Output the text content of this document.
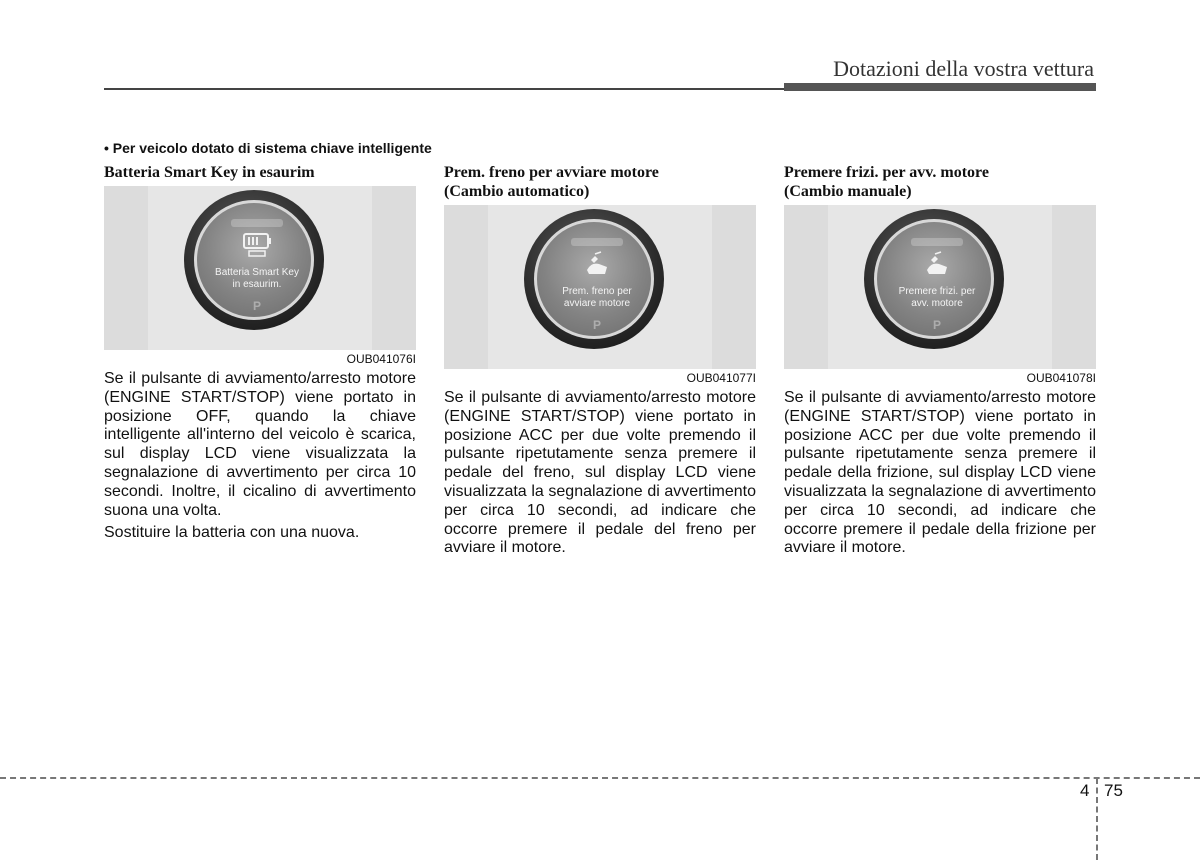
Dotazioni della vostra vettura
• Per veicolo dotato di sistema chiave intelligente
Batteria Smart Key in esaurim
Batteria Smart Key
in esaurim.
P
OUB041076I

Se il pulsante di avviamento/arresto motore (ENGINE START/STOP) viene portato in posizione OFF, quando la chiave intelligente all'interno del veicolo è scarica, sul display LCD viene visualizzata la segnalazione di avvertimento per circa 10 secondi. Inoltre, il cicalino di avvertimento suona una volta.

Sostituire la batteria con una nuova.

Prem. freno per avviare motore
(Cambio automatico)
Prem. freno per
avviare motore
P
OUB041077I

Se il pulsante di avviamento/arresto motore (ENGINE START/STOP) viene portato in posizione ACC per due volte premendo il pulsante ripetutamente senza premere il pedale del freno, sul display LCD viene visualizzata la segnalazione di avvertimento per circa 10 secondi, ad indicare che occorre premere il pedale del freno per avviare il motore.

Premere frizi. per avv. motore
(Cambio manuale)
Premere frizi. per
avv. motore
P
OUB041078I

Se il pulsante di avviamento/arresto motore (ENGINE START/STOP) viene portato in posizione ACC per due volte premendo il pulsante ripetutamente senza premere il pedale della frizione, sul display LCD viene visualizzata la segnalazione di avvertimento per circa 10 secondi, ad indicare che occorre premere il pedale della frizione per avviare il motore.

4 75
